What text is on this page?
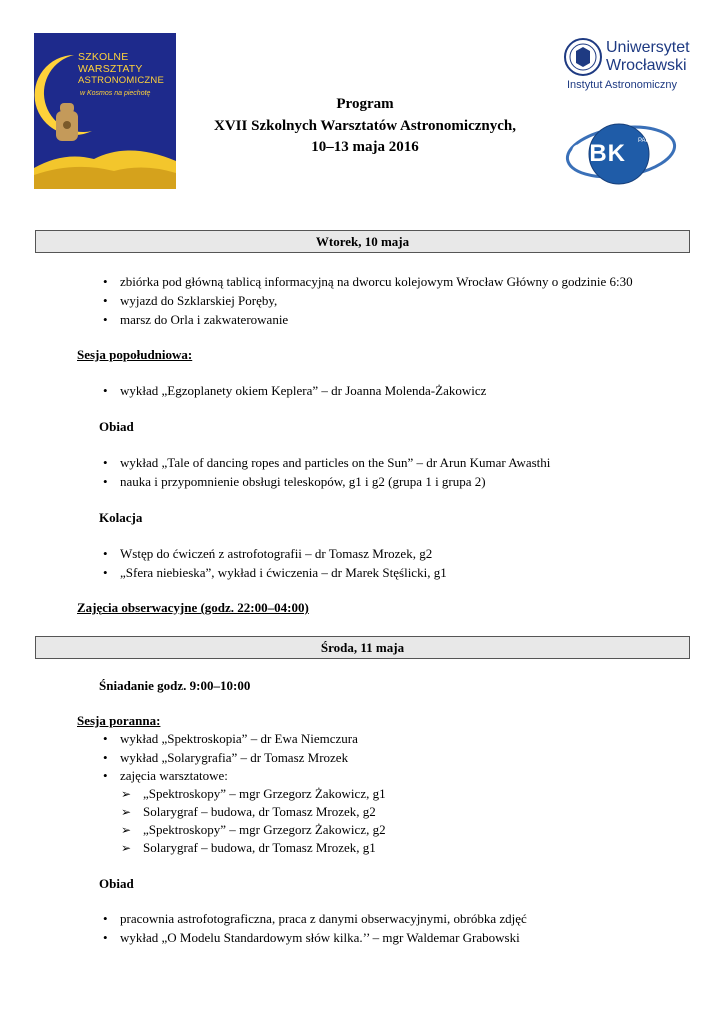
SZKOLNE
WARSZTATY
ASTRONOMICZNE
w Kosmos na piechotę
Uniwersytet
Wrocławski
Instytut Astronomiczny
CBK PAN
Program
XVII Szkolnych Warsztatów Astronomicznych,
10–13 maja 2016
Wtorek, 10 maja
• zbiórka pod główną tablicą informacyjną na dworcu kolejowym Wrocław Główny o godzinie 6:30
• wyjazd do Szklarskiej Poręby,
• marsz do Orla i zakwaterowanie
Sesja popołudniowa:
• wykład „Egzoplanety okiem Keplera” – dr Joanna Molenda-Żakowicz
Obiad
• wykład „Tale of dancing ropes and particles on the Sun” – dr Arun Kumar Awasthi
• nauka i przypomnienie obsługi teleskopów, g1 i g2 (grupa 1 i grupa 2)
Kolacja
• Wstęp do ćwiczeń z astrofotografii – dr Tomasz Mrozek, g2
• „Sfera niebieska”, wykład i ćwiczenia – dr Marek Stęślicki, g1
Zajęcia obserwacyjne (godz. 22:00–04:00)
Środa, 11 maja
Śniadanie godz. 9:00–10:00
Sesja poranna:
• wykład „Spektroskopia” – dr Ewa Niemczura
• wykład „Solarygrafia” – dr Tomasz Mrozek
• zajęcia warsztatowe:
➢ „Spektroskopy” – mgr Grzegorz Żakowicz, g1
➢ Solarygraf – budowa, dr Tomasz Mrozek, g2
➢ „Spektroskopy” – mgr Grzegorz Żakowicz, g2
➢ Solarygraf – budowa, dr Tomasz Mrozek, g1
Obiad
• pracownia astrofotograficzna, praca z danymi obserwacyjnymi, obróbka zdjęć
• wykład „O Modelu Standardowym słów kilka.’’ – mgr Waldemar Grabowski
